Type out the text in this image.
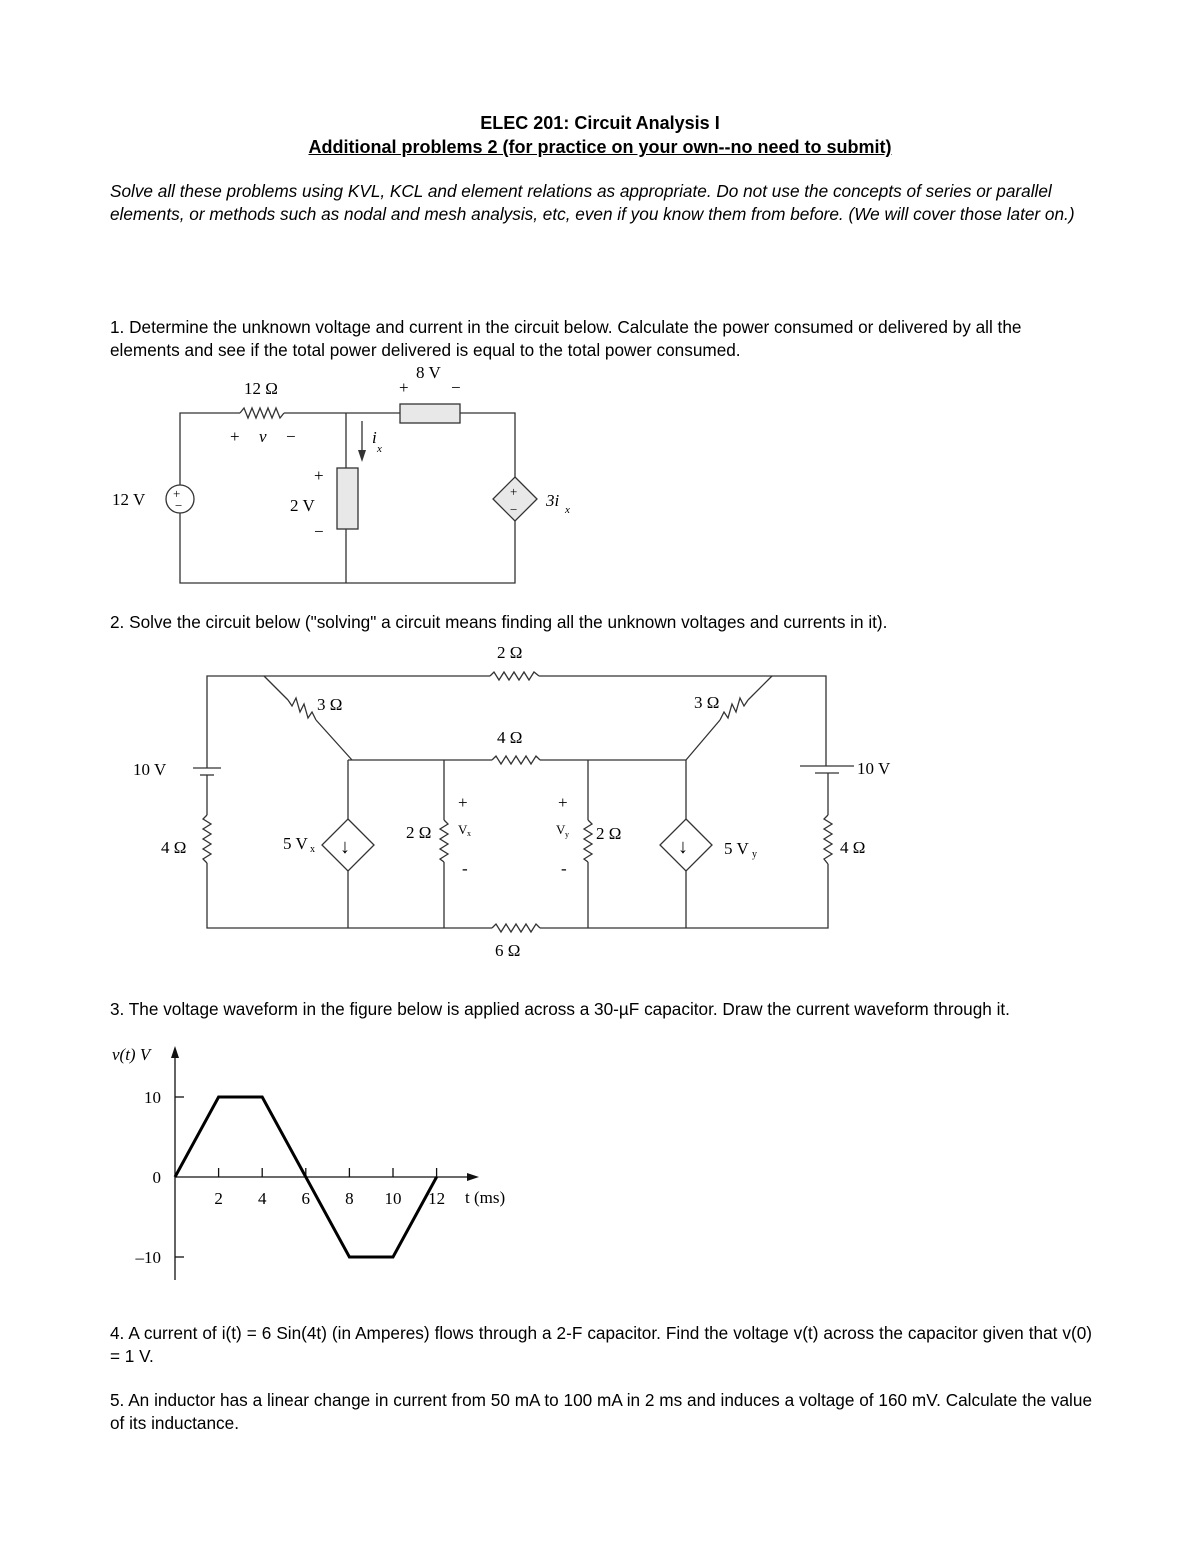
ELEC 201: Circuit Analysis I
Additional problems 2 (for practice on your own--no need to submit)
Solve all these problems using KVL, KCL and element relations as appropriate. Do not use the concepts of series or parallel elements, or methods such as nodal and mesh analysis, etc, even if you know them from before. (We will cover those later on.)
1. Determine the unknown voltage and current in the circuit below. Calculate the power consumed or delivered by all the elements and see if the total power delivered is equal to the total power consumed.
12 Ω
+ v −
8 V
+ −
i
x
12 V +
−
+
2 V
−
+
− 3i x
2. Solve the circuit below ("solving" a circuit means finding all the unknown voltages and currents in it).
2 Ω
3 Ω	3 Ω
4 Ω
10 V	10 V
4 Ω	4 Ω
5 V x	5 V y
↓	↓
2 Ω	2 Ω
+
V x
-
+
V y
-
6 Ω
3. The voltage waveform in the figure below is applied across a 30-µF capacitor. Draw the current waveform through it.
v(t) V
t (ms)
2 4 6 8 10 12
10
0
–10
4. A current of i(t) = 6 Sin(4t) (in Amperes) flows through a 2-F capacitor. Find the voltage v(t) across the capacitor given that v(0) = 1 V.
5. An inductor has a linear change in current from 50 mA to 100 mA in 2 ms and induces a voltage of 160 mV. Calculate the value of its inductance.
